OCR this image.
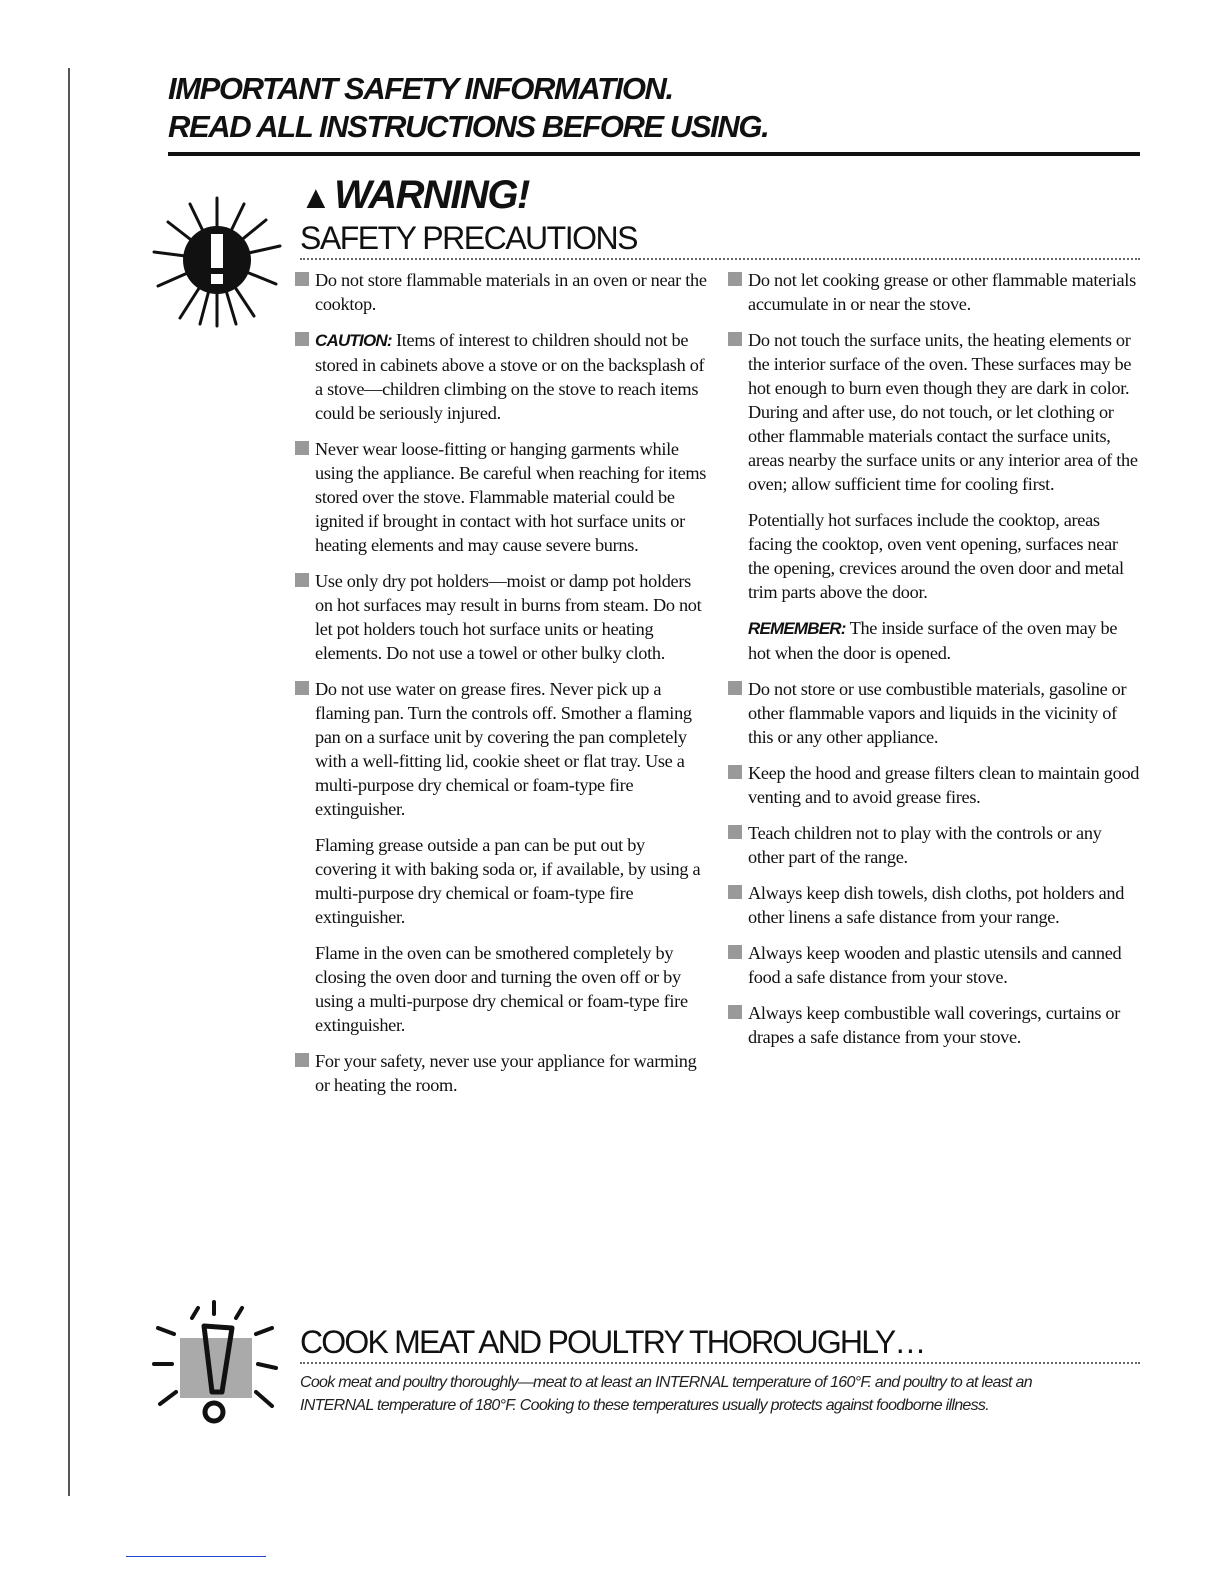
IMPORTANT SAFETY INFORMATION.
READ ALL INSTRUCTIONS BEFORE USING.
▲ WARNING!
SAFETY PRECAUTIONS
Do not store flammable materials in an oven or near the cooktop.
CAUTION: Items of interest to children should not be stored in cabinets above a stove or on the backsplash of a stove—children climbing on the stove to reach items could be seriously injured.
Never wear loose-fitting or hanging garments while using the appliance. Be careful when reaching for items stored over the stove. Flammable material could be ignited if brought in contact with hot surface units or heating elements and may cause severe burns.
Use only dry pot holders—moist or damp pot holders on hot surfaces may result in burns from steam. Do not let pot holders touch hot surface units or heating elements. Do not use a towel or other bulky cloth.
Do not use water on grease fires. Never pick up a flaming pan. Turn the controls off. Smother a flaming pan on a surface unit by covering the pan completely with a well-fitting lid, cookie sheet or flat tray. Use a multi-purpose dry chemical or foam-type fire extinguisher.
Flaming grease outside a pan can be put out by covering it with baking soda or, if available, by using a multi-purpose dry chemical or foam-type fire extinguisher.
Flame in the oven can be smothered completely by closing the oven door and turning the oven off or by using a multi-purpose dry chemical or foam-type fire extinguisher.
For your safety, never use your appliance for warming or heating the room.
Do not let cooking grease or other flammable materials accumulate in or near the stove.
Do not touch the surface units, the heating elements or the interior surface of the oven. These surfaces may be hot enough to burn even though they are dark in color. During and after use, do not touch, or let clothing or other flammable materials contact the surface units, areas nearby the surface units or any interior area of the oven; allow sufficient time for cooling first.
Potentially hot surfaces include the cooktop, areas facing the cooktop, oven vent opening, surfaces near the opening, crevices around the oven door and metal trim parts above the door.
REMEMBER: The inside surface of the oven may be hot when the door is opened.
Do not store or use combustible materials, gasoline or other flammable vapors and liquids in the vicinity of this or any other appliance.
Keep the hood and grease filters clean to maintain good venting and to avoid grease fires.
Teach children not to play with the controls or any other part of the range.
Always keep dish towels, dish cloths, pot holders and other linens a safe distance from your range.
Always keep wooden and plastic utensils and canned food a safe distance from your stove.
Always keep combustible wall coverings, curtains or drapes a safe distance from your stove.
COOK MEAT AND POULTRY THOROUGHLY…
Cook meat and poultry thoroughly—meat to at least an INTERNAL temperature of 160°F. and poultry to at least an INTERNAL temperature of 180°F. Cooking to these temperatures usually protects against foodborne illness.
